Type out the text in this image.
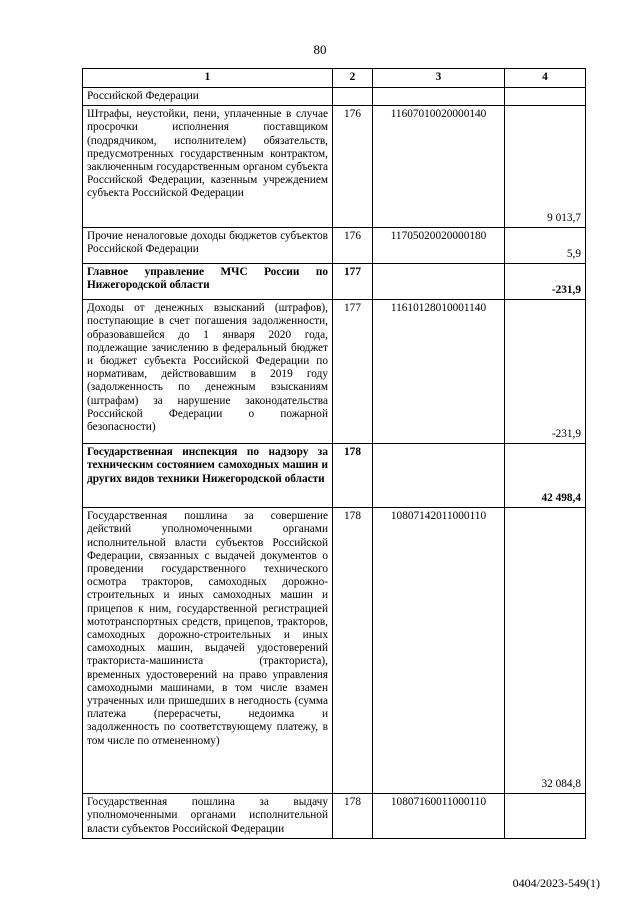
80
1	2	3	4
Российской Федерации			
Штрафы, неустойки, пени, уплаченные в случае просрочки исполнения поставщиком (подрядчиком, исполнителем) обязательств, предусмотренных государственным контрактом, заключенным государственным органом субъекта Российской Федерации, казенным учреждением субъекта Российской Федерации	176	11607010020000140	9 013,7
Прочие неналоговые доходы бюджетов субъектов Российской Федерации	176	11705020020000180	5,9
Главное управление МЧС России по Нижегородской области	177		-231,9
Доходы от денежных взысканий (штрафов), поступающие в счет погашения задолженности, образовавшейся до 1 января 2020 года, подлежащие зачислению в федеральный бюджет и бюджет субъекта Российской Федерации по нормативам, действовавшим в 2019 году (задолженность по денежным взысканиям (штрафам) за нарушение законодательства Российской Федерации о пожарной безопасности)	177	11610128010001140	-231,9
Государственная инспекция по надзору за техническим состоянием самоходных машин и других видов техники Нижегородской области	178		42 498,4
Государственная пошлина за совершение действий уполномоченными органами исполнительной власти субъектов Российской Федерации, связанных с выдачей документов о проведении государственного технического осмотра тракторов, самоходных дорожно-строительных и иных самоходных машин и прицепов к ним, государственной регистрацией мототранспортных средств, прицепов, тракторов, самоходных дорожно-строительных и иных самоходных машин, выдачей удостоверений тракториста-машиниста (тракториста), временных удостоверений на право управления самоходными машинами, в том числе взамен утраченных или пришедших в негодность (сумма платежа (перерасчеты, недоимка и задолженность по соответствующему платежу, в том числе по отмененному)	178	10807142011000110	32 084,8
Государственная пошлина за выдачу уполномоченными органами исполнительной власти субъектов Российской Федерации	178	10807160011000110	
0404/2023-549(1)
